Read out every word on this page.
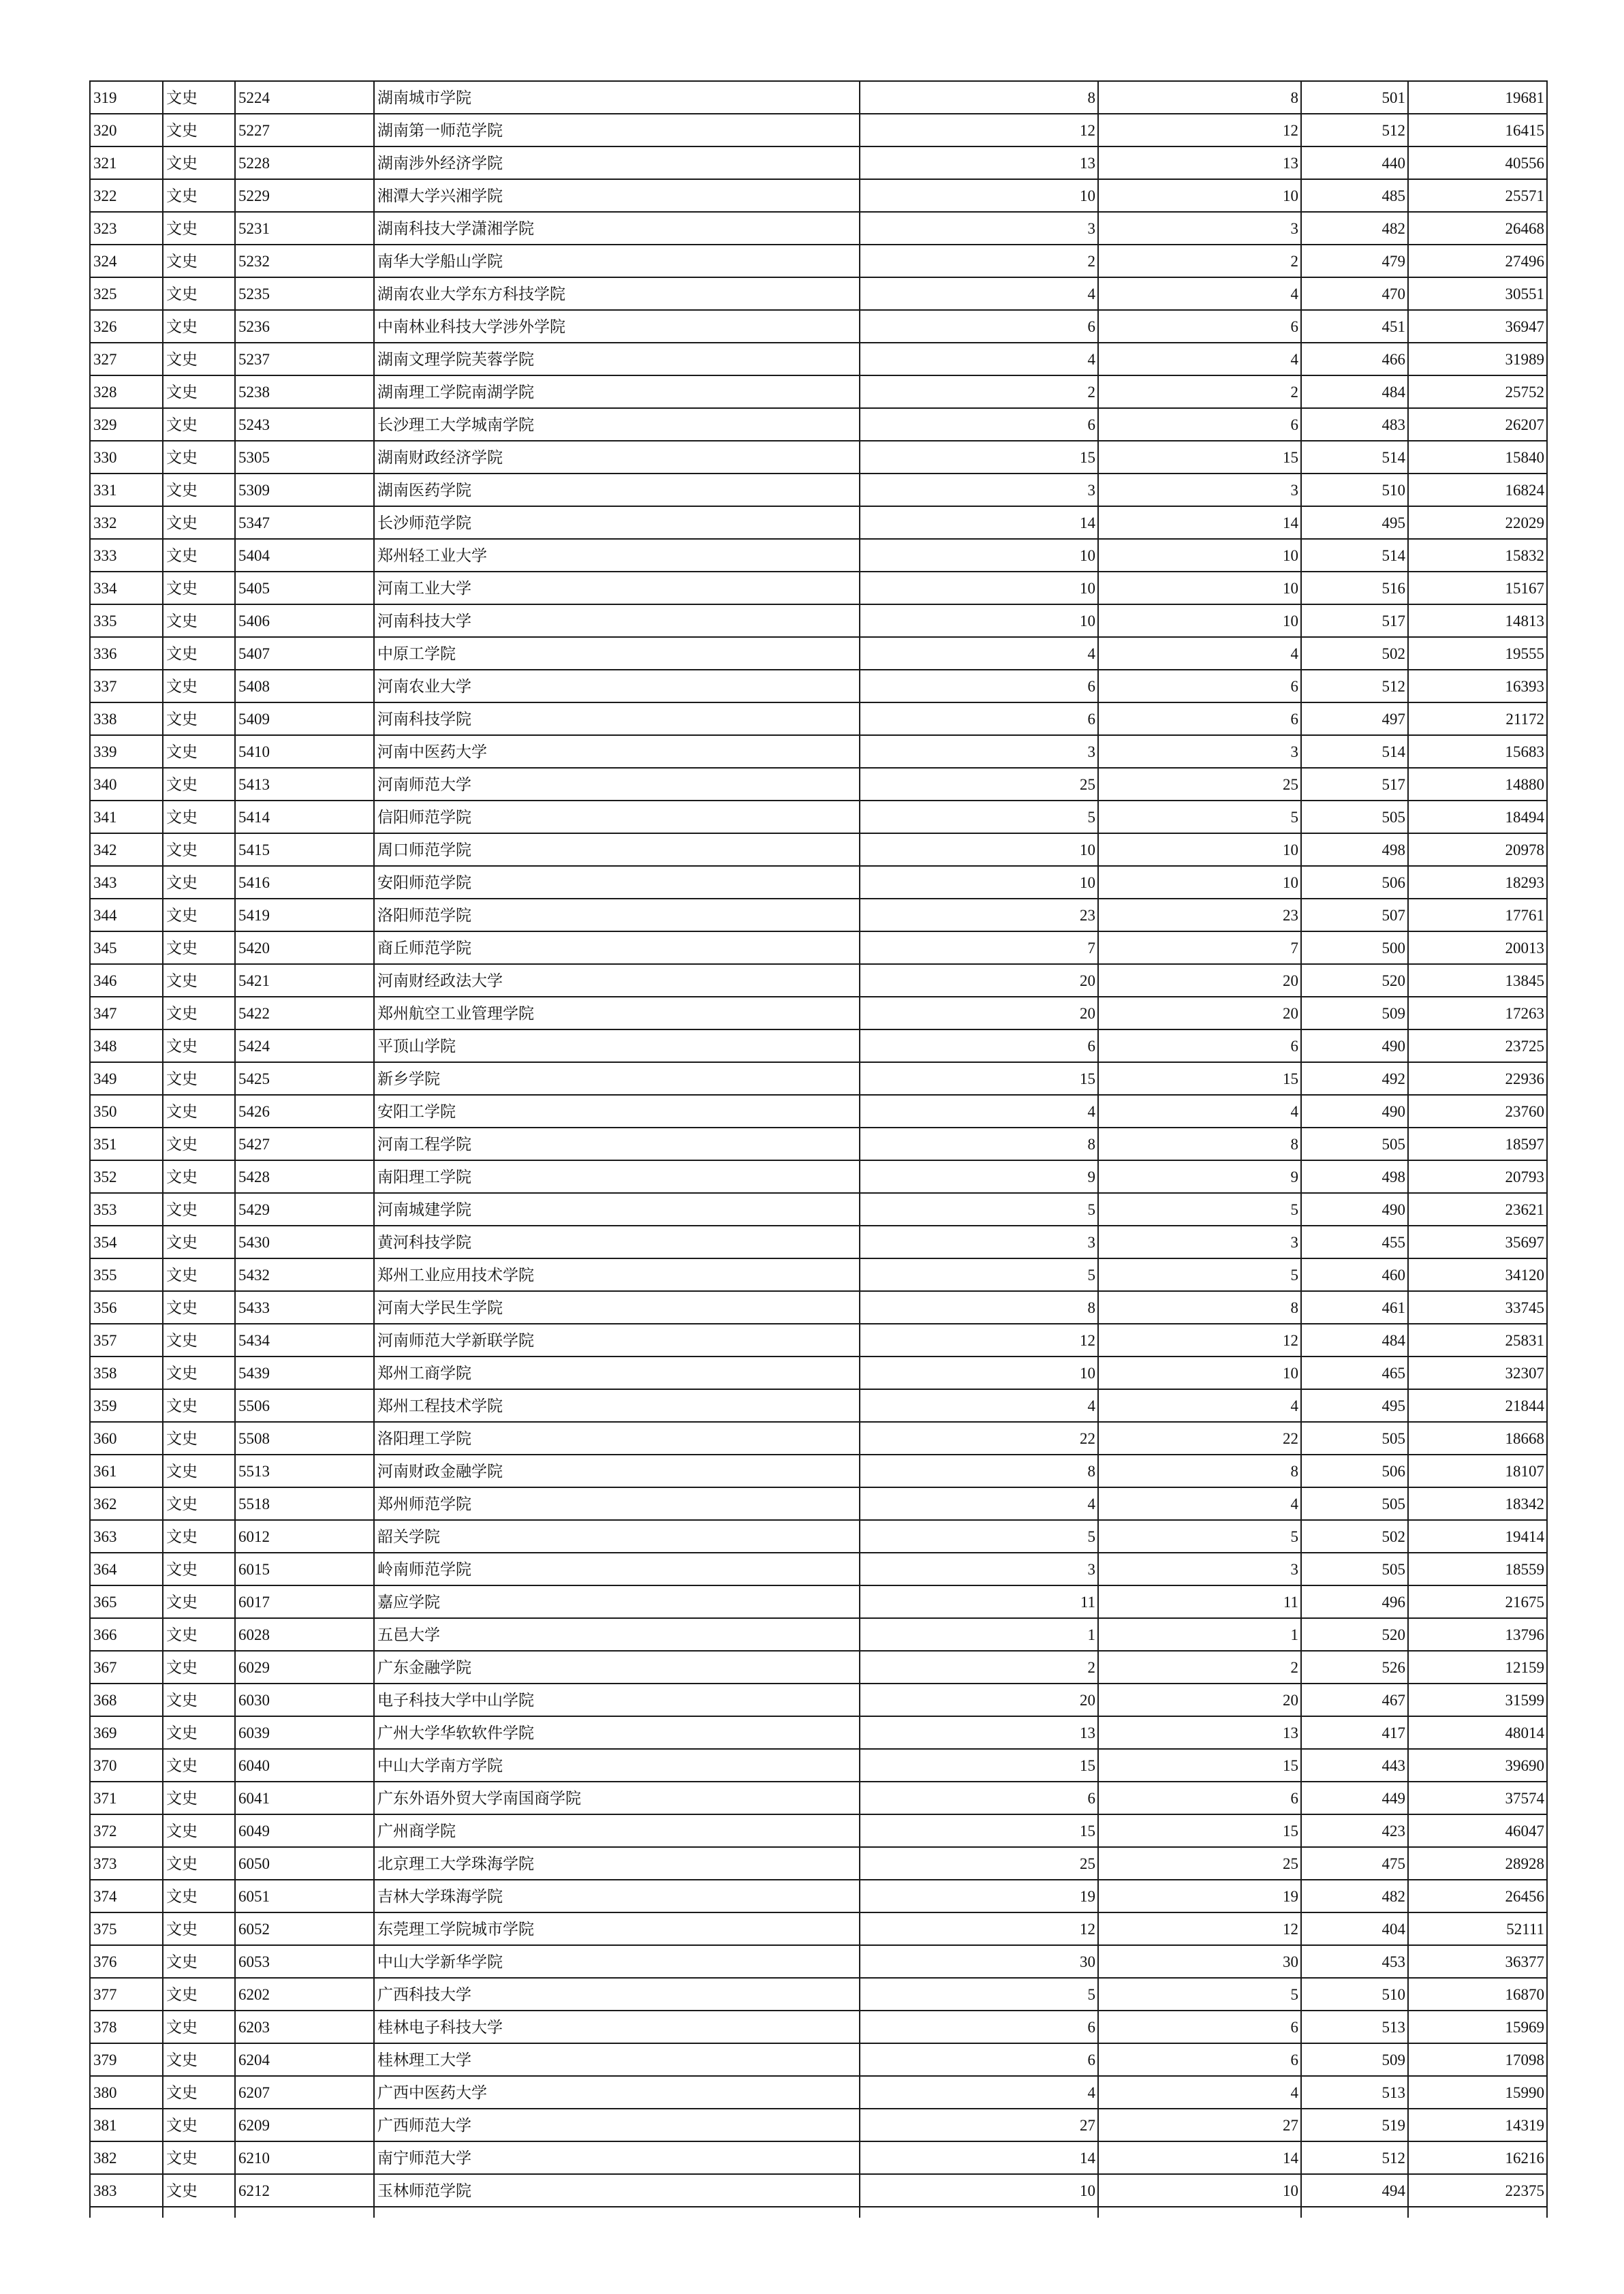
319	文史	5224	湖南城市学院	8	8	501	19681
320	文史	5227	湖南第一师范学院	12	12	512	16415
321	文史	5228	湖南涉外经济学院	13	13	440	40556
322	文史	5229	湘潭大学兴湘学院	10	10	485	25571
323	文史	5231	湖南科技大学潇湘学院	3	3	482	26468
324	文史	5232	南华大学船山学院	2	2	479	27496
325	文史	5235	湖南农业大学东方科技学院	4	4	470	30551
326	文史	5236	中南林业科技大学涉外学院	6	6	451	36947
327	文史	5237	湖南文理学院芙蓉学院	4	4	466	31989
328	文史	5238	湖南理工学院南湖学院	2	2	484	25752
329	文史	5243	长沙理工大学城南学院	6	6	483	26207
330	文史	5305	湖南财政经济学院	15	15	514	15840
331	文史	5309	湖南医药学院	3	3	510	16824
332	文史	5347	长沙师范学院	14	14	495	22029
333	文史	5404	郑州轻工业大学	10	10	514	15832
334	文史	5405	河南工业大学	10	10	516	15167
335	文史	5406	河南科技大学	10	10	517	14813
336	文史	5407	中原工学院	4	4	502	19555
337	文史	5408	河南农业大学	6	6	512	16393
338	文史	5409	河南科技学院	6	6	497	21172
339	文史	5410	河南中医药大学	3	3	514	15683
340	文史	5413	河南师范大学	25	25	517	14880
341	文史	5414	信阳师范学院	5	5	505	18494
342	文史	5415	周口师范学院	10	10	498	20978
343	文史	5416	安阳师范学院	10	10	506	18293
344	文史	5419	洛阳师范学院	23	23	507	17761
345	文史	5420	商丘师范学院	7	7	500	20013
346	文史	5421	河南财经政法大学	20	20	520	13845
347	文史	5422	郑州航空工业管理学院	20	20	509	17263
348	文史	5424	平顶山学院	6	6	490	23725
349	文史	5425	新乡学院	15	15	492	22936
350	文史	5426	安阳工学院	4	4	490	23760
351	文史	5427	河南工程学院	8	8	505	18597
352	文史	5428	南阳理工学院	9	9	498	20793
353	文史	5429	河南城建学院	5	5	490	23621
354	文史	5430	黄河科技学院	3	3	455	35697
355	文史	5432	郑州工业应用技术学院	5	5	460	34120
356	文史	5433	河南大学民生学院	8	8	461	33745
357	文史	5434	河南师范大学新联学院	12	12	484	25831
358	文史	5439	郑州工商学院	10	10	465	32307
359	文史	5506	郑州工程技术学院	4	4	495	21844
360	文史	5508	洛阳理工学院	22	22	505	18668
361	文史	5513	河南财政金融学院	8	8	506	18107
362	文史	5518	郑州师范学院	4	4	505	18342
363	文史	6012	韶关学院	5	5	502	19414
364	文史	6015	岭南师范学院	3	3	505	18559
365	文史	6017	嘉应学院	11	11	496	21675
366	文史	6028	五邑大学	1	1	520	13796
367	文史	6029	广东金融学院	2	2	526	12159
368	文史	6030	电子科技大学中山学院	20	20	467	31599
369	文史	6039	广州大学华软软件学院	13	13	417	48014
370	文史	6040	中山大学南方学院	15	15	443	39690
371	文史	6041	广东外语外贸大学南国商学院	6	6	449	37574
372	文史	6049	广州商学院	15	15	423	46047
373	文史	6050	北京理工大学珠海学院	25	25	475	28928
374	文史	6051	吉林大学珠海学院	19	19	482	26456
375	文史	6052	东莞理工学院城市学院	12	12	404	52111
376	文史	6053	中山大学新华学院	30	30	453	36377
377	文史	6202	广西科技大学	5	5	510	16870
378	文史	6203	桂林电子科技大学	6	6	513	15969
379	文史	6204	桂林理工大学	6	6	509	17098
380	文史	6207	广西中医药大学	4	4	513	15990
381	文史	6209	广西师范大学	27	27	519	14319
382	文史	6210	南宁师范大学	14	14	512	16216
383	文史	6212	玉林师范学院	10	10	494	22375
